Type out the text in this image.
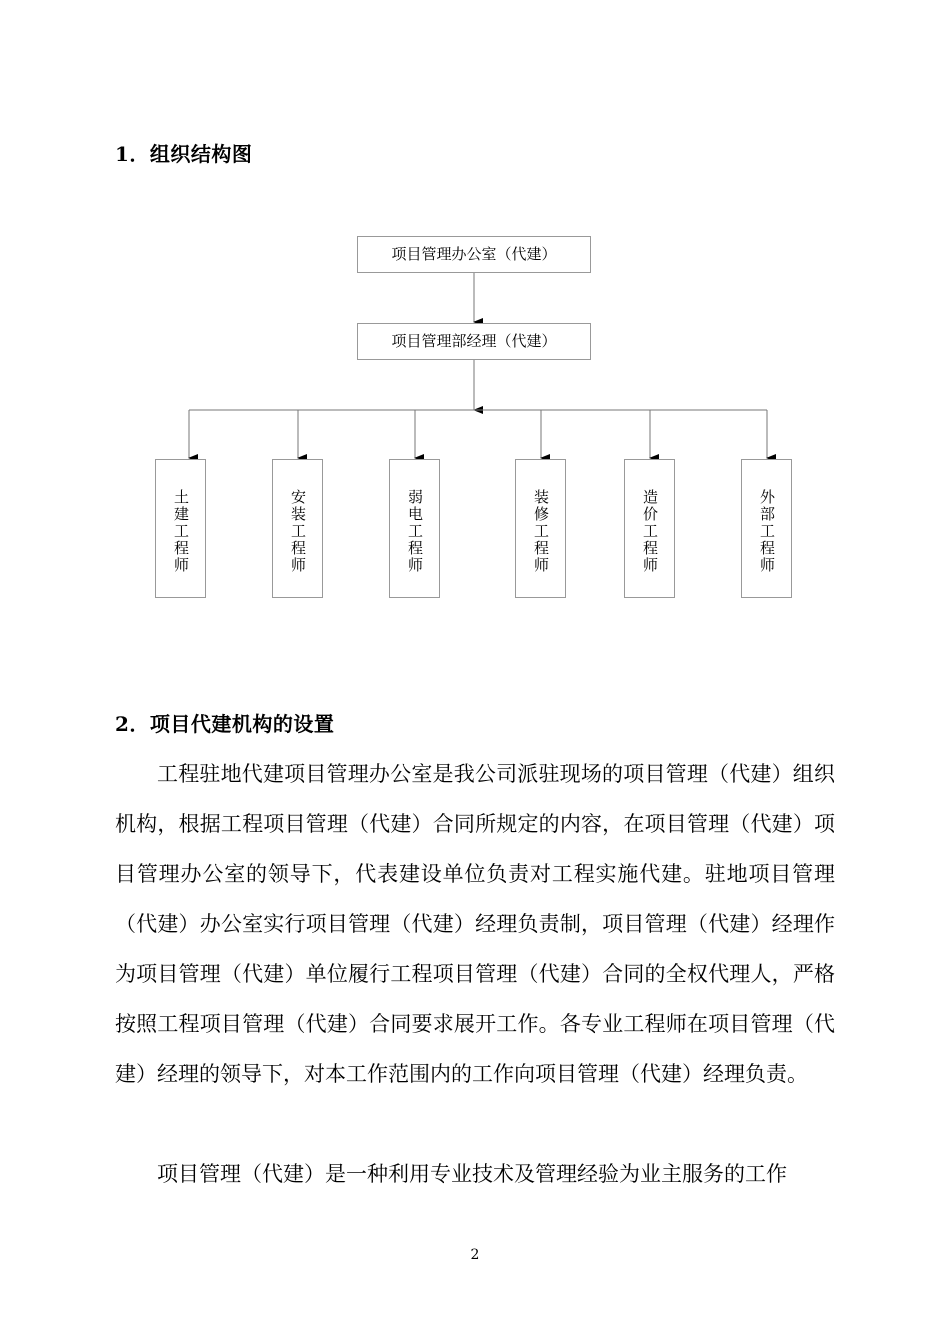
1．组织结构图
项目管理办公室（代建）
项目管理部经理（代建）
土建工程师	安装工程师	弱电工程师	装修工程师	造价工程师	外部工程师
2．项目代建机构的设置
工程驻地代建项目管理办公室是我公司派驻现场的项目管理（代建）组织机构，根据工程项目管理（代建）合同所规定的内容，在项目管理（代建）项目管理办公室的领导下，代表建设单位负责对工程实施代建。驻地项目管理（代建）办公室实行项目管理（代建）经理负责制，项目管理（代建）经理作为项目管理（代建）单位履行工程项目管理（代建）合同的全权代理人，严格按照工程项目管理（代建）合同要求展开工作。各专业工程师在项目管理（代建）经理的领导下，对本工作范围内的工作向项目管理（代建）经理负责。
项目管理（代建）是一种利用专业技术及管理经验为业主服务的工作
2
